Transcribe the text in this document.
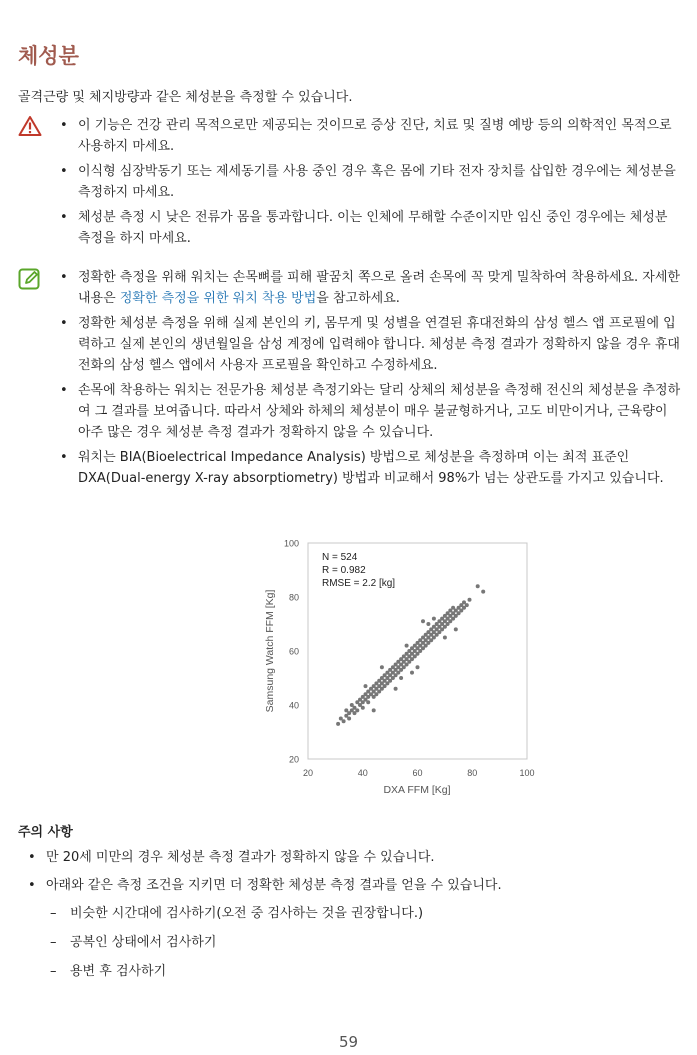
체성분

골격근량 및 체지방량과 같은 체성분을 측정할 수 있습니다.

• 이 기능은 건강 관리 목적으로만 제공되는 것이므로 증상 진단, 치료 및 질병 예방 등의 의학적인 목적으로 사용하지 마세요.
• 이식형 심장박동기 또는 제세동기를 사용 중인 경우 혹은 몸에 기타 전자 장치를 삽입한 경우에는 체성분을 측정하지 마세요.
• 체성분 측정 시 낮은 전류가 몸을 통과합니다. 이는 인체에 무해할 수준이지만 임신 중인 경우에는 체성분 측정을 하지 마세요.
• 정확한 측정을 위해 워치는 손목뼈를 피해 팔꿈치 쪽으로 올려 손목에 꼭 맞게 밀착하여 착용하세요. 자세한 내용은 정확한 측정을 위한 워치 착용 방법을 참고하세요.
• 정확한 체성분 측정을 위해 실제 본인의 키, 몸무게 및 성별을 연결된 휴대전화의 삼성 헬스 앱 프로필에 입력하고 실제 본인의 생년월일을 삼성 계정에 입력해야 합니다. 체성분 측정 결과가 정확하지 않을 경우 휴대전화의 삼성 헬스 앱에서 사용자 프로필을 확인하고 수정하세요.
• 손목에 착용하는 워치는 전문가용 체성분 측정기와는 달리 상체의 체성분을 측정해 전신의 체성분을 추정하여 그 결과를 보여줍니다. 따라서 상체와 하체의 체성분이 매우 불균형하거나, 고도 비만이거나, 근육량이 아주 많은 경우 체성분 측정 결과가 정확하지 않을 수 있습니다.
• 워치는 BIA(Bioelectrical Impedance Analysis) 방법으로 체성분을 측정하며 이는 최적 표준인 DXA(Dual-energy X-ray absorptiometry) 방법과 비교해서 98%가 넘는 상관도를 가지고 있습니다.
20
40
60
80
100
20	40	60	80	100
N = 524
R = 0.982
RMSE = 2.2 [kg]
DXA FFM [Kg]
Samsung Watch FFM [Kg]

주의 사항

• 만 20세 미만의 경우 체성분 측정 결과가 정확하지 않을 수 있습니다.
• 아래와 같은 측정 조건을 지키면 더 정확한 체성분 측정 결과를 얻을 수 있습니다.
– 비슷한 시간대에 검사하기(오전 중 검사하는 것을 권장합니다.)
– 공복인 상태에서 검사하기
– 용변 후 검사하기

59
